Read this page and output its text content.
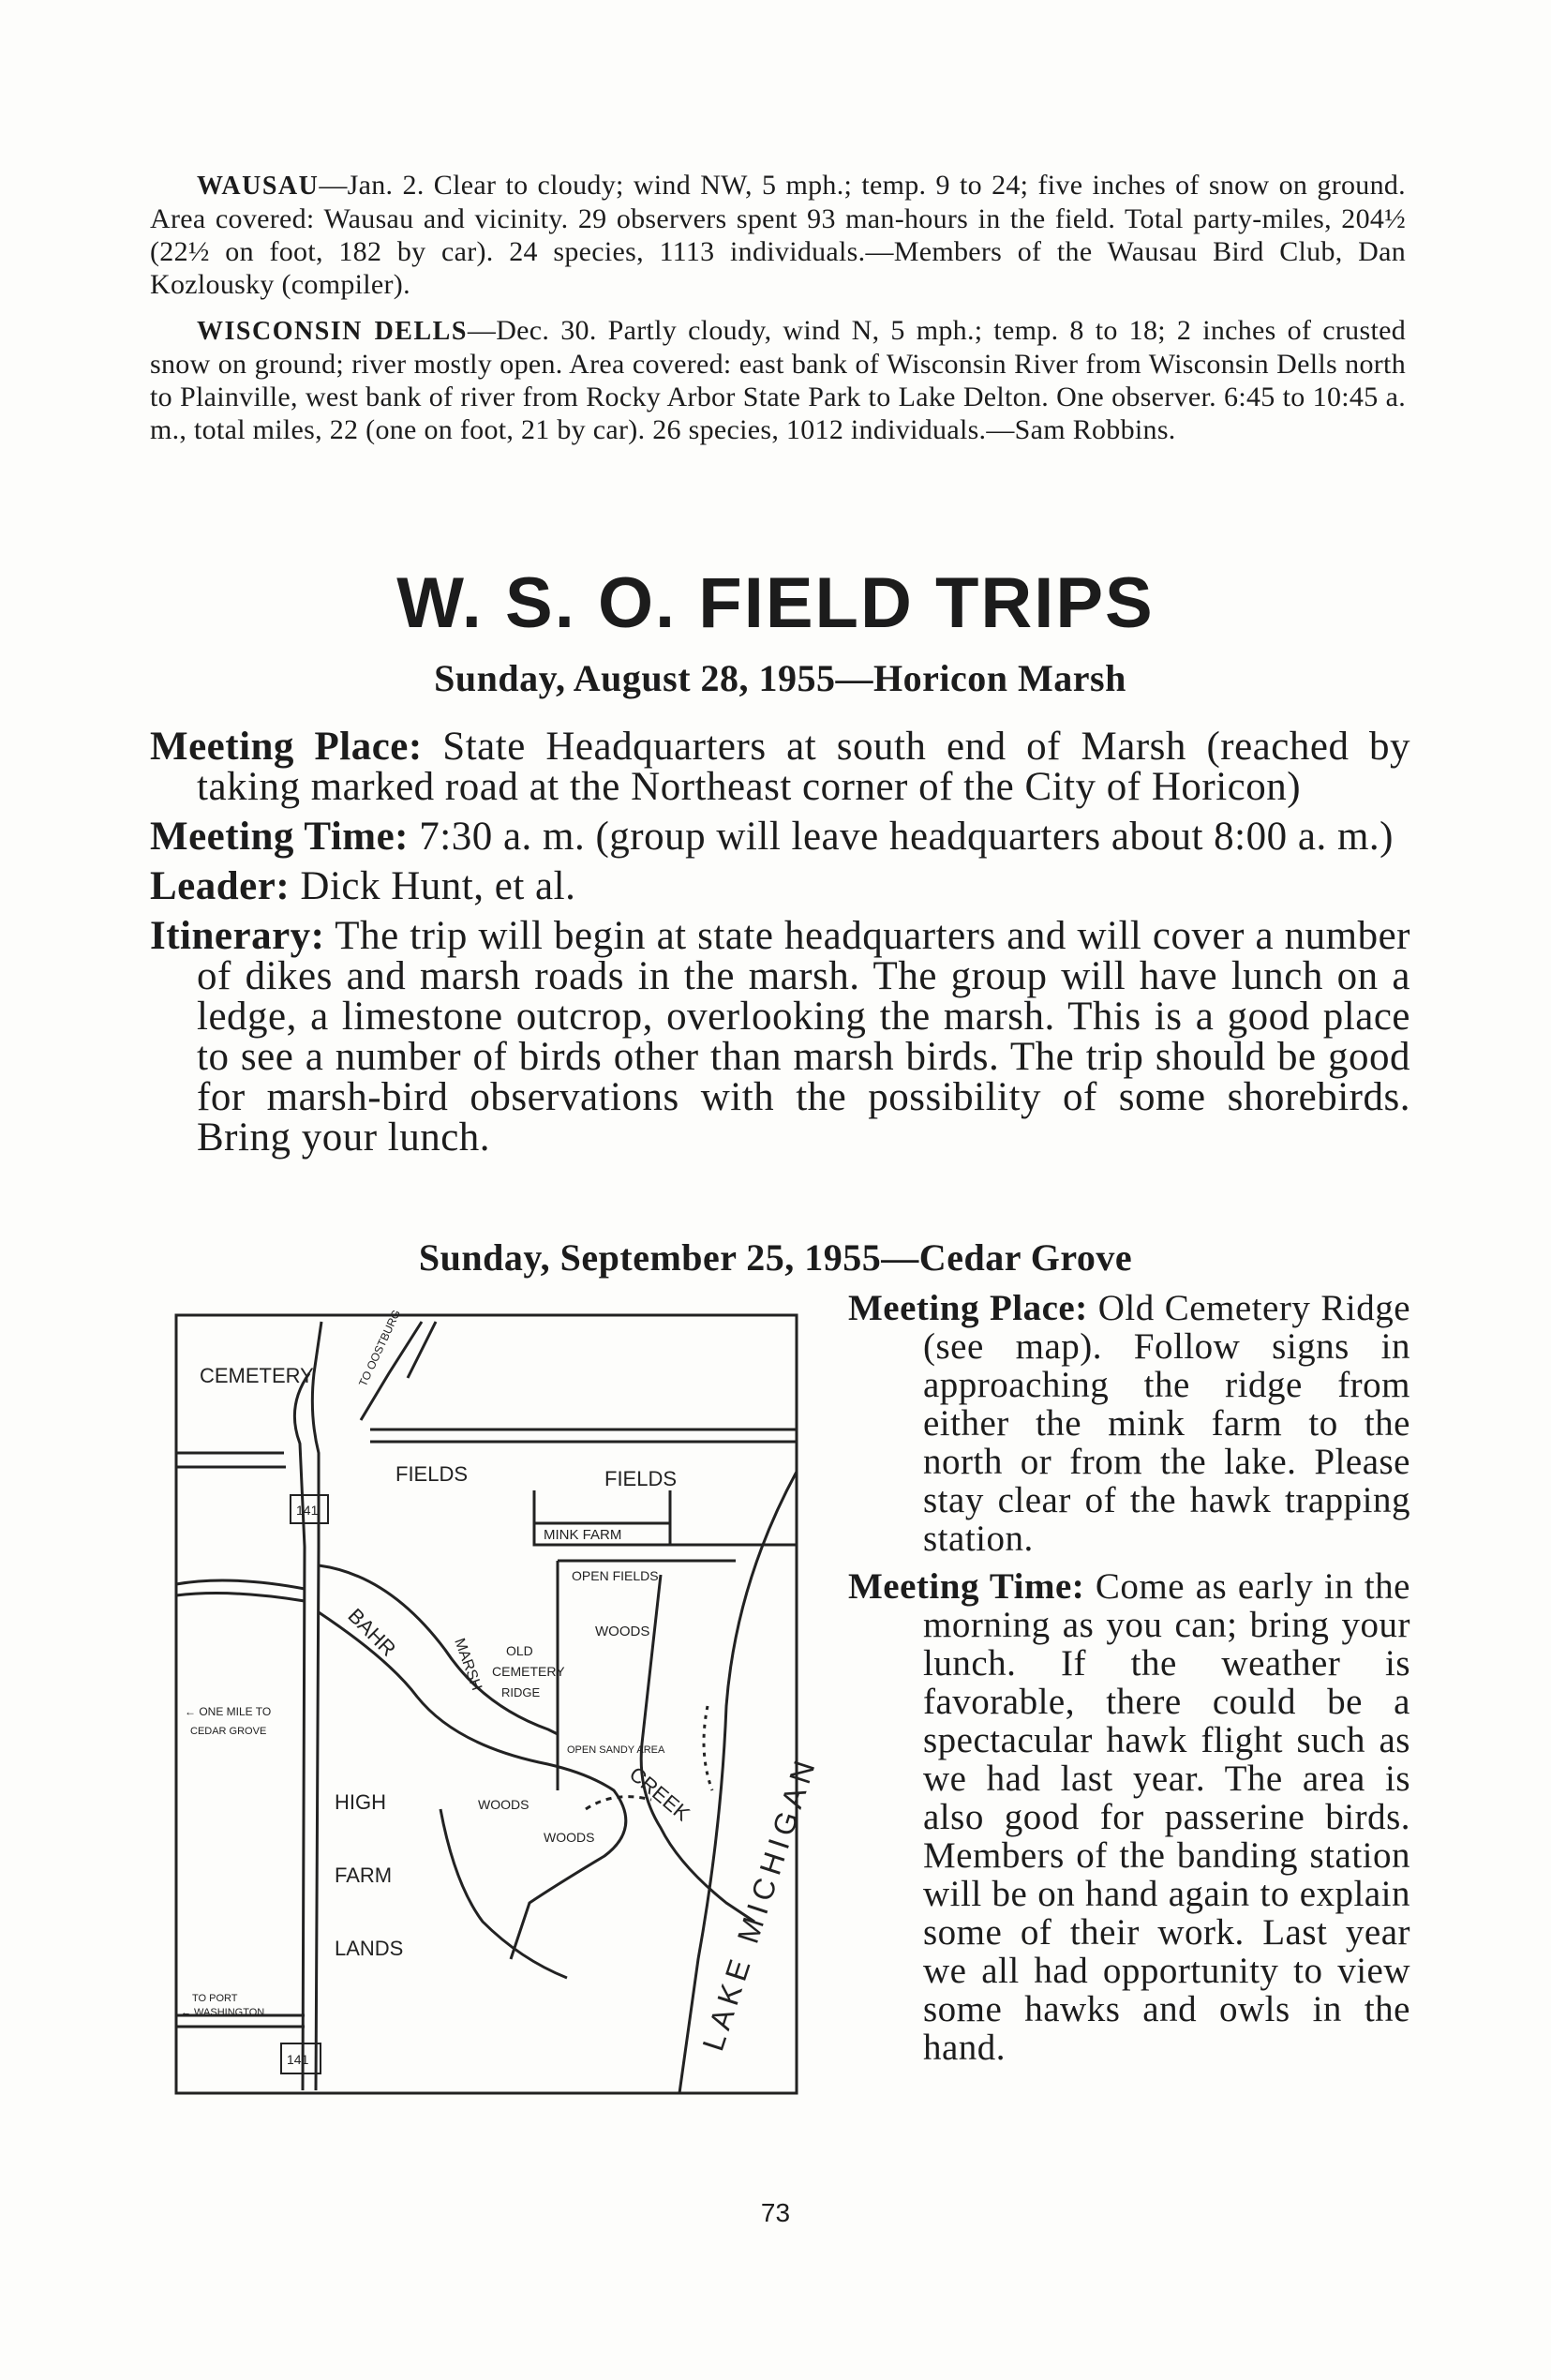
WAUSAU—Jan. 2. Clear to cloudy; wind NW, 5 mph.; temp. 9 to 24; five inches of snow on ground. Area covered: Wausau and vicinity. 29 observers spent 93 man-hours in the field. Total party-miles, 204½ (22½ on foot, 182 by car). 24 species, 1113 individuals.—Members of the Wausau Bird Club, Dan Kozlousky (compiler).

WISCONSIN DELLS—Dec. 30. Partly cloudy, wind N, 5 mph.; temp. 8 to 18; 2 inches of crusted snow on ground; river mostly open. Area covered: east bank of Wisconsin River from Wisconsin Dells north to Plainville, west bank of river from Rocky Arbor State Park to Lake Delton. One observer. 6:45 to 10:45 a. m., total miles, 22 (one on foot, 21 by car). 26 species, 1012 individuals.—Sam Robbins.

W. S. O. FIELD TRIPS

Sunday, August 28, 1955—Horicon Marsh

Meeting Place: State Headquarters at south end of Marsh (reached by taking marked road at the Northeast corner of the City of Horicon)

Meeting Time: 7:30 a. m. (group will leave headquarters about 8:00 a. m.)

Leader: Dick Hunt, et al.

Itinerary: The trip will begin at state headquarters and will cover a number of dikes and marsh roads in the marsh. The group will have lunch on a ledge, a limestone outcrop, overlooking the marsh. This is a good place to see a number of birds other than marsh birds. The trip should be good for marsh-bird observations with the possibility of some shorebirds. Bring your lunch.

Sunday, September 25, 1955—Cedar Grove

Meeting Place: Old Cemetery Ridge (see map). Follow signs in approaching the ridge from either the mink farm to the north or from the lake. Please stay clear of the hawk trapping station.

Meeting Time: Come as early in the morning as you can; bring your lunch. If the weather is favorable, there could be a spectacular hawk flight such as we had last year. The area is also good for passerine birds. Members of the banding station will be on hand again to explain some of their work. Last year we all had opportunity to view some hawks and owls in the hand.

CEMETERY	TO OOSTBURG
141
FIELDS	FIELDS
MINK FARM
OPEN FIELDS
WOODS
BAHR
MARSH OLD
CEMETERY
RIDGE
OPEN SANDY AREA
CREEK
WOODS
WOODS
← ONE MILE TO
CEDAR GROVE
HIGH
FARM
LANDS	LAKE MICHIGAN
TO PORT
← WASHINGTON
141
73
